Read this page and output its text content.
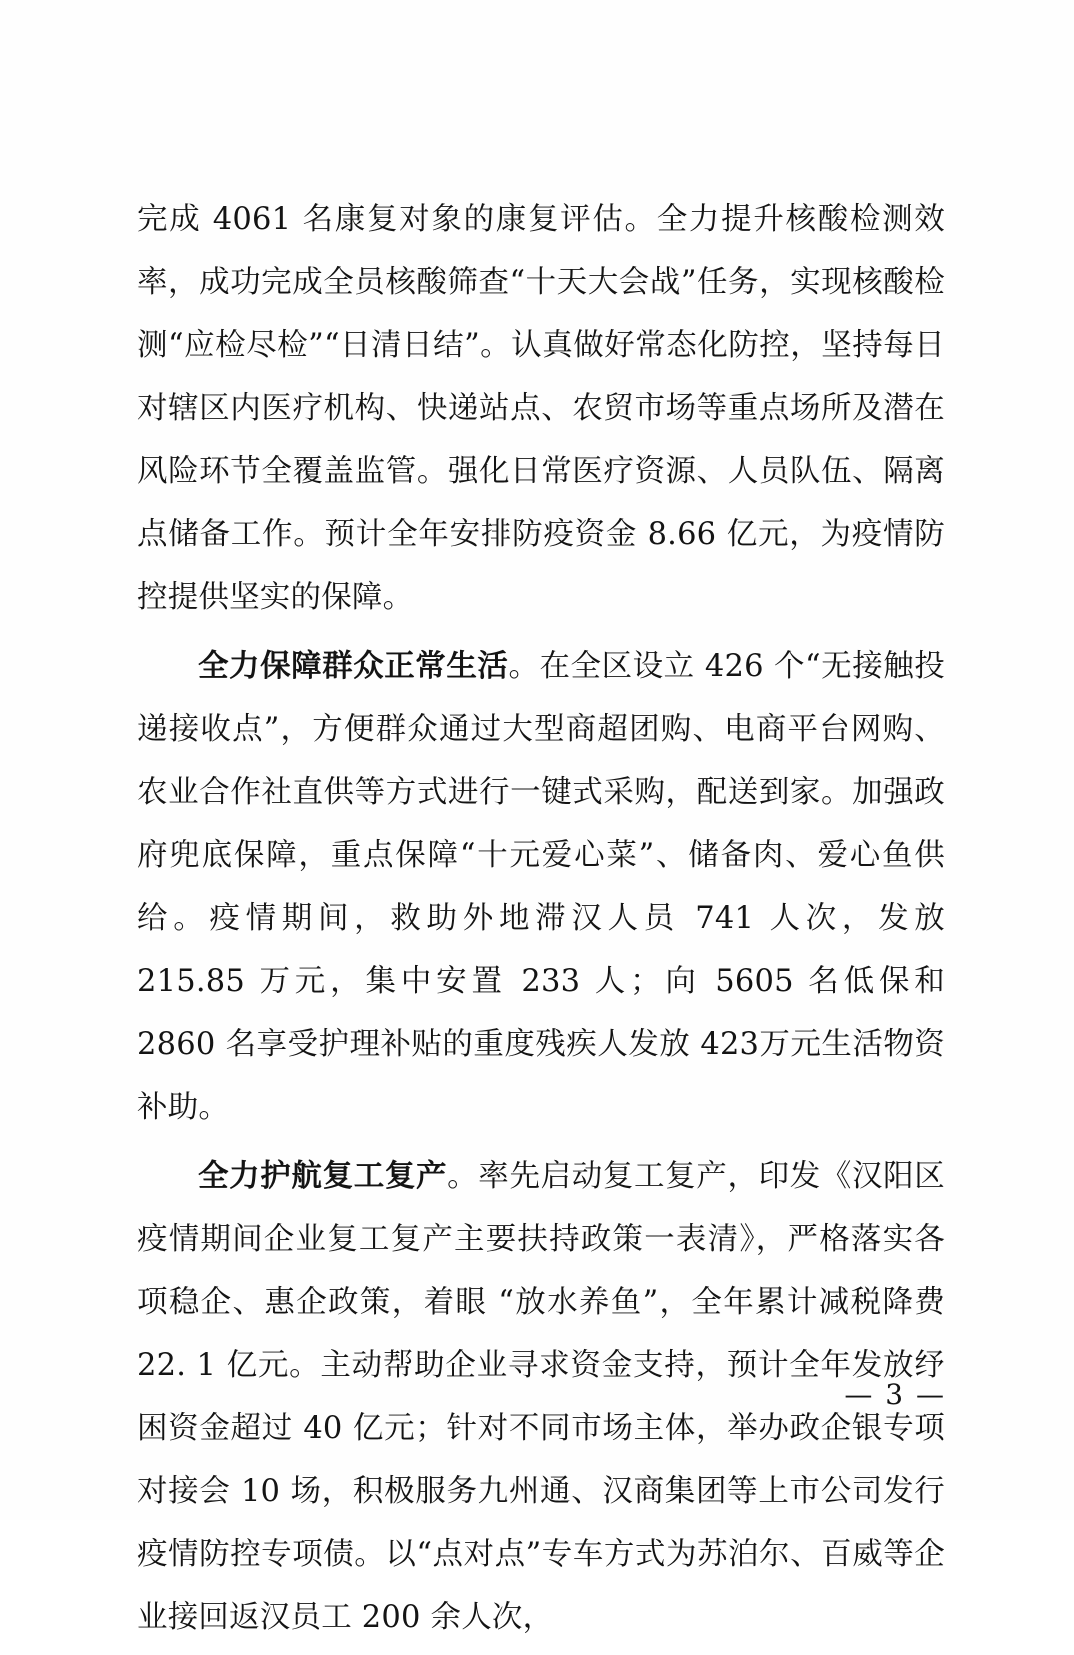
完成 4061 名康复对象的康复评估。全力提升核酸检测效率，成功完成全员核酸筛查“十天大会战”任务，实现核酸检测“应检尽检”“日清日结”。认真做好常态化防控，坚持每日对辖区内医疗机构、快递站点、农贸市场等重点场所及潜在风险环节全覆盖监管。强化日常医疗资源、人员队伍、隔离点储备工作。预计全年安排防疫资金 8.66 亿元，为疫情防控提供坚实的保障。

全力保障群众正常生活。在全区设立 426 个“无接触投递接收点”，方便群众通过大型商超团购、电商平台网购、农业合作社直供等方式进行一键式采购，配送到家。加强政府兜底保障，重点保障“十元爱心菜”、储备肉、爱心鱼供给。疫情期间，救助外地滞汉人员 741 人次，发放 215.85 万元，集中安置 233 人；向 5605 名低保和 2860 名享受护理补贴的重度残疾人发放 423万元生活物资补助。

全力护航复工复产。率先启动复工复产，印发《汉阳区疫情期间企业复工复产主要扶持政策一表清》，严格落实各项稳企、惠企政策，着眼 “放水养鱼”，全年累计减税降费 22. 1 亿元。主动帮助企业寻求资金支持，预计全年发放纾困资金超过 40 亿元；针对不同市场主体，举办政企银专项对接会 10 场，积极服务九州通、汉商集团等上市公司发行疫情防控专项债。以“点对点”专车方式为苏泊尔、百威等企业接回返汉员工 200 余人次，

— 3 —
